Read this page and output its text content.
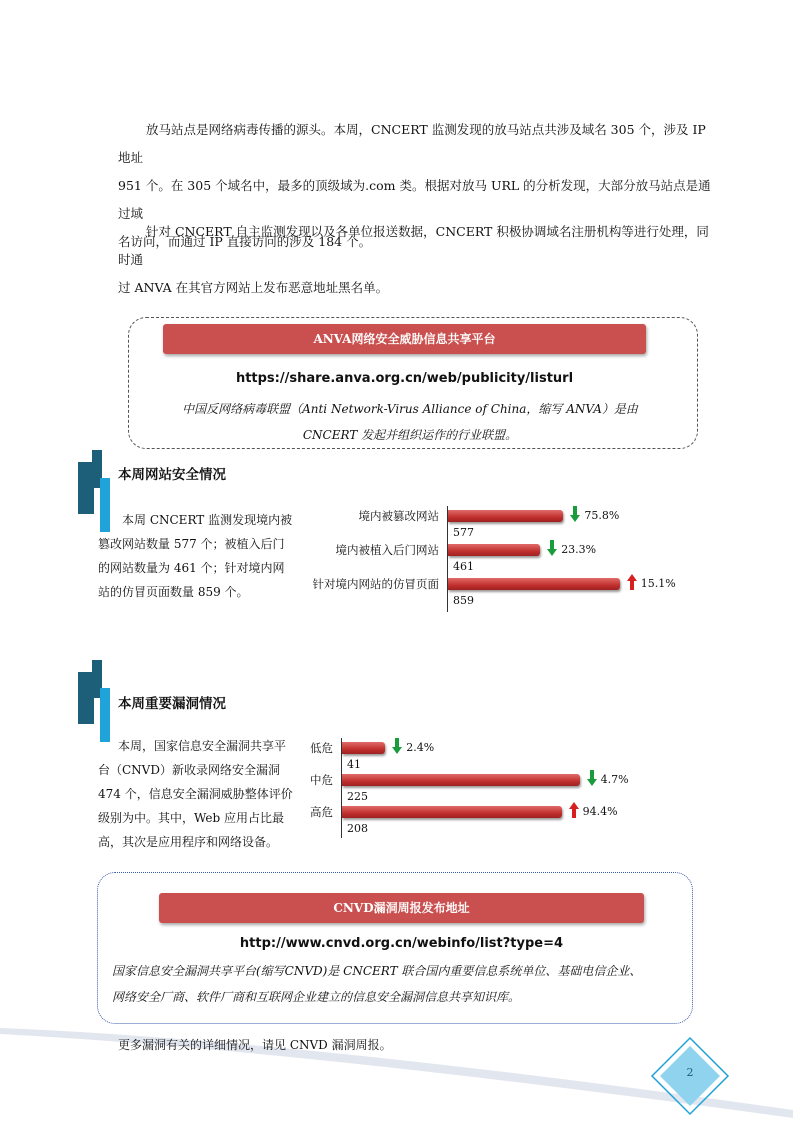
放马站点是网络病毒传播的源头。本周，CNCERT 监测发现的放马站点共涉及域名 305 个，涉及 IP 地址

951 个。在 305 个域名中，最多的顶级域为.com 类。根据对放马 URL 的分析发现，大部分放马站点是通过域

名访问，而通过 IP 直接访问的涉及 184 个。

针对 CNCERT 自主监测发现以及各单位报送数据，CNCERT 积极协调域名注册机构等进行处理，同时通

过 ANVA 在其官方网站上发布恶意地址黑名单。

ANVA网络安全威胁信息共享平台
https://share.anva.org.cn/web/publicity/listurl
中国反网络病毒联盟（Anti Network-Virus Alliance of China，缩写 ANVA）是由
CNCERT 发起并组织运作的行业联盟。
本周网站安全情况
本周 CNCERT 监测发现境内被
篡改网站数量 577 个；被植入后门
的网站数量为 461 个；针对境内网
站的仿冒页面数量 859 个。
境内被篡改网站
577
75.8%
境内被植入后门网站
461
23.3%
针对境内网站的仿冒页面
859
15.1%
本周重要漏洞情况
本周，国家信息安全漏洞共享平
台（CNVD）新收录网络安全漏洞
474 个，信息安全漏洞威胁整体评价
级别为中。其中，Web 应用占比最
高，其次是应用程序和网络设备。
低危
41
2.4%
中危
225
4.7%
高危
208
94.4%
CNVD漏洞周报发布地址
http://www.cnvd.org.cn/webinfo/list?type=4
国家信息安全漏洞共享平台(缩写CNVD)是 CNCERT 联合国内重要信息系统单位、基础电信企业、
网络安全厂商、软件厂商和互联网企业建立的信息安全漏洞信息共享知识库。
更多漏洞有关的详细情况，请见 CNVD 漏洞周报。
2
